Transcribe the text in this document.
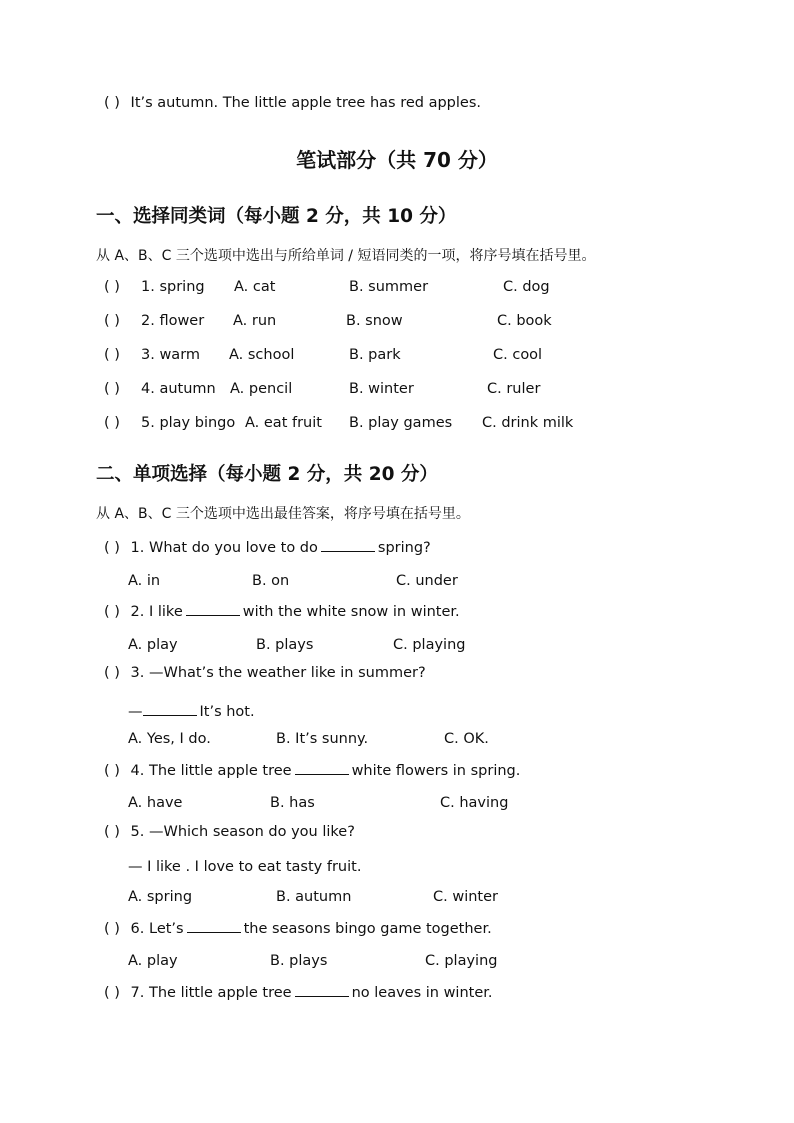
( ) It’s autumn. The little apple tree has red apples.
笔试部分（共 70 分）
一、选择同类词（每小题 2 分，共 10 分）
从 A、B、C 三个选项中选出与所给单词 / 短语同类的一项，将序号填在括号里。
( ) 1. spring A. cat	B. summer	C. dog
( ) 2. flower A. run	B. snow	C. book
( ) 3. warm A. school	B. park	C. cool
( ) 4. autumn A. pencil	B. winter	C. ruler
( ) 5. play bingo A. eat fruit B. play games C. drink milk
二、单项选择（每小题 2 分，共 20 分）
从 A、B、C 三个选项中选出最佳答案，将序号填在括号里。
( ) 1. What do you love to do	spring?
A. in	B. on	C. under
( ) 2. I like	with the white snow in winter.
A. play	B. plays	C. playing
( ) 3. —What’s the weather like in summer?
—	It’s hot.
A. Yes, I do.	B. It’s sunny.	C. OK.
( ) 4. The little apple tree	white flowers in spring.
A. have	B. has	C. having
( ) 5. —Which season do you like?
— I like . I love to eat tasty fruit.
A. spring	B. autumn	C. winter
( ) 6. Let’s	the seasons bingo game together.
A. play	B. plays	C. playing
( ) 7. The little apple tree	no leaves in winter.
